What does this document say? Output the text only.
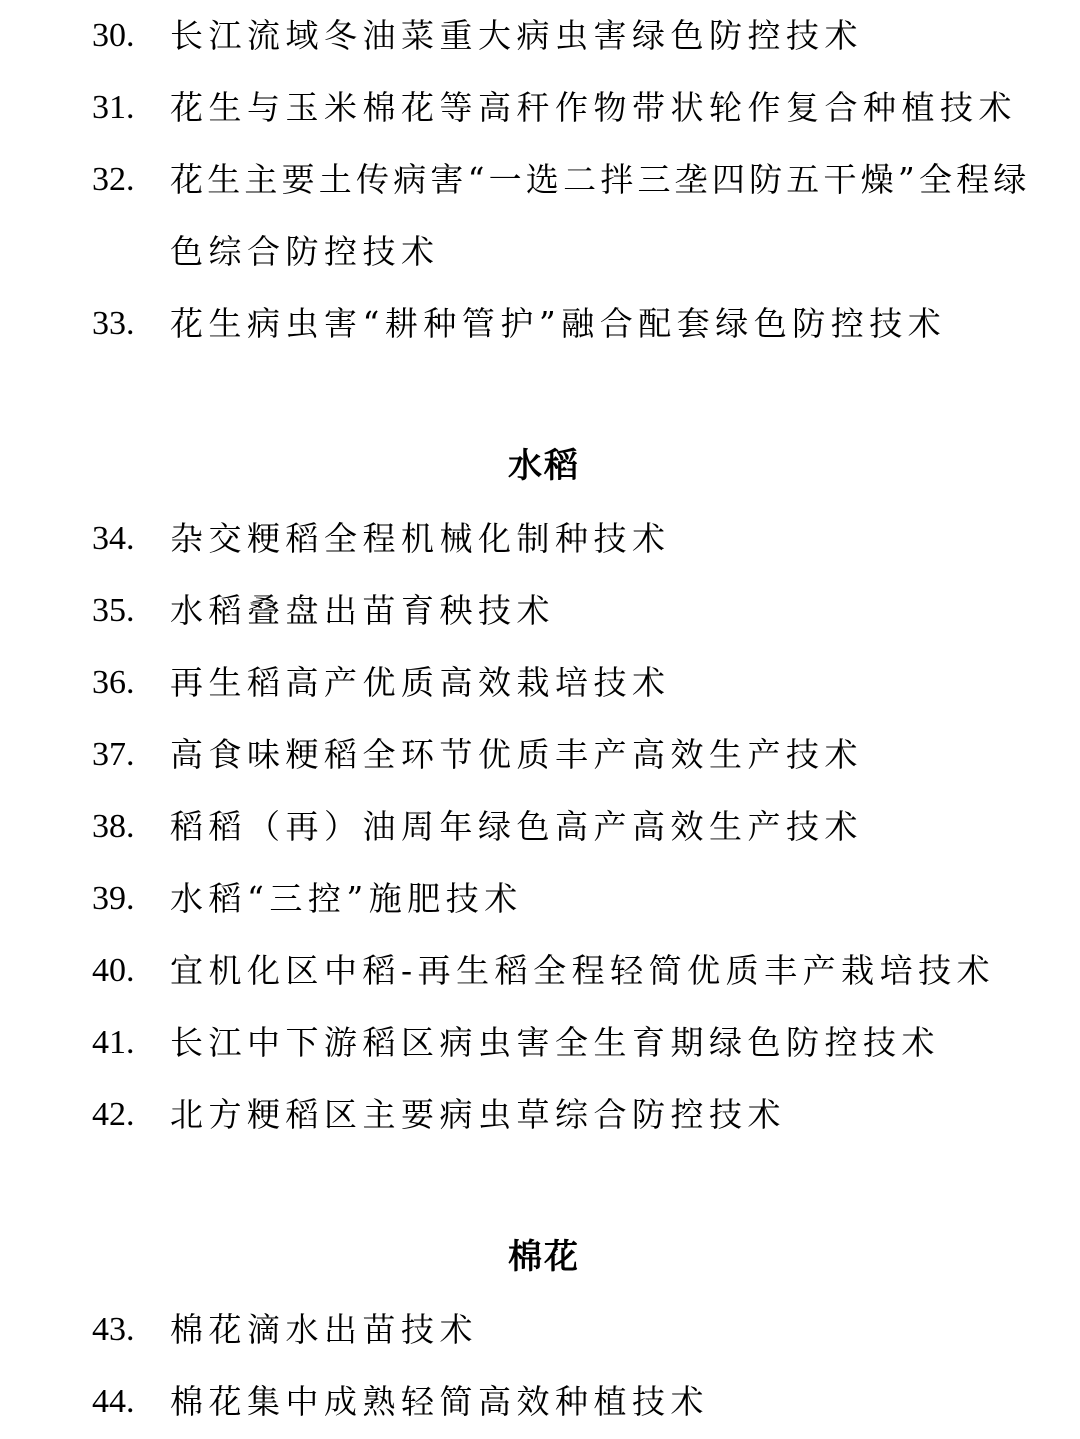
30. 长江流域冬油菜重大病虫害绿色防控技术
31. 花生与玉米棉花等高秆作物带状轮作复合种植技术
32. 花生主要土传病害“一选二拌三垄四防五干燥”全程绿
色综合防控技术
33. 花生病虫害“耕种管护”融合配套绿色防控技术
水稻
34. 杂交粳稻全程机械化制种技术
35. 水稻叠盘出苗育秧技术
36. 再生稻高产优质高效栽培技术
37. 高食味粳稻全环节优质丰产高效生产技术
38. 稻稻（再）油周年绿色高产高效生产技术
39. 水稻“三控”施肥技术
40. 宜机化区中稻-再生稻全程轻简优质丰产栽培技术
41. 长江中下游稻区病虫害全生育期绿色防控技术
42. 北方粳稻区主要病虫草综合防控技术
棉花
43. 棉花滴水出苗技术
44. 棉花集中成熟轻简高效种植技术
